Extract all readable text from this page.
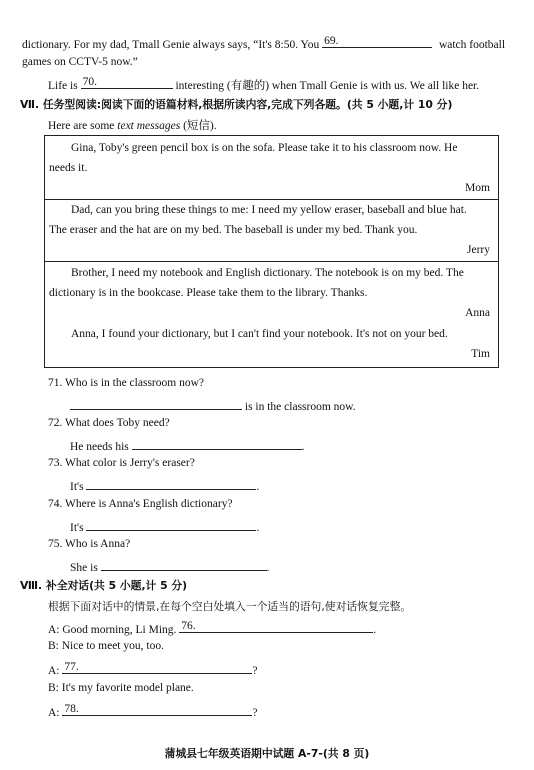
dictionary. For my dad, Tmall Genie always says, “It's 8:50. You 69.	watch football
games on CCTV-5 now.”
Life is 70.	interesting (有趣的) when Tmall Genie is with us. We all like her.
Ⅶ. 任务型阅读:阅读下面的语篇材料,根据所读内容,完成下列各题。(共 5 小题,计 10 分)
Here are some text messages (短信).
Gina, Toby's green pencil box is on the sofa. Please take it to his classroom now. He
needs it.
Mom
Dad, can you bring these things to me: I need my yellow eraser, baseball and blue hat.
The eraser and the hat are on my bed. The baseball is under my bed. Thank you.
Jerry
Brother, I need my notebook and English dictionary. The notebook is on my bed. The
dictionary is in the bookcase. Please take them to the library. Thanks.
Anna
Anna, I found your dictionary, but I can't find your notebook. It's not on your bed.
Tim
71. Who is in the classroom now?
is in the classroom now.
72. What does Toby need?
He needs his	.
73. What color is Jerry's eraser?
It's	.
74. Where is Anna's English dictionary?
It's	.
75. Who is Anna?
She is	.
Ⅷ. 补全对话(共 5 小题,计 5 分)
根据下面对话中的情景,在每个空白处填入一个适当的语句,使对话恢复完整。
A: Good morning, Li Ming. 76.	.
B: Nice to meet you, too.
A: 77.	?
B: It's my favorite model plane.
A: 78.	?
蒲城县七年级英语期中试题 A-7-(共 8 页)
